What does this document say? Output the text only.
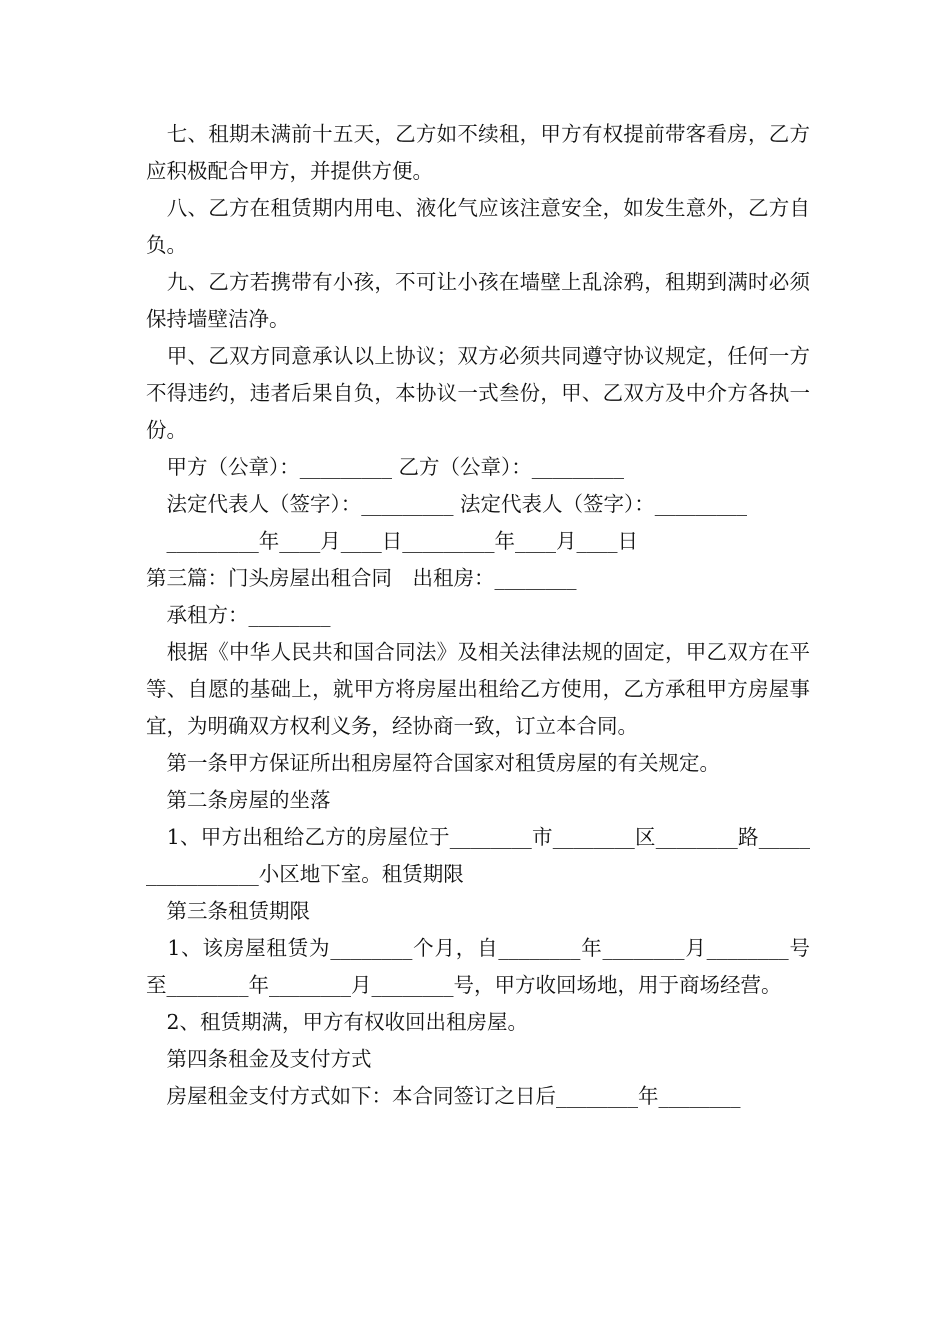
　七、租期未满前十五天，乙方如不续租，甲方有权提前带客看房，乙方应积极配合甲方，并提供方便。

　八、乙方在租赁期内用电、液化气应该注意安全，如发生意外，乙方自负。

　九、乙方若携带有小孩，不可让小孩在墙壁上乱涂鸦，租期到满时必须保持墙壁洁净。

　甲、乙双方同意承认以上协议；双方必须共同遵守协议规定，任何一方不得违约，违者后果自负，本协议一式叁份，甲、乙双方及中介方各执一份。

　甲方（公章）：_________ 乙方（公章）：_________

　法定代表人（签字）：_________ 法定代表人（签字）：_________

　_________年____月____日_________年____月____日

第三篇：门头房屋出租合同　出租房：________

　承租方：________

　根据《中华人民共和国合同法》及相关法律法规的固定，甲乙双方在平等、自愿的基础上，就甲方将房屋出租给乙方使用，乙方承租甲方房屋事宜，为明确双方权利义务，经协商一致，订立本合同。

　第一条甲方保证所出租房屋符合国家对租赁房屋的有关规定。

　第二条房屋的坐落

　1、甲方出租给乙方的房屋位于________市________区________路________________小区地下室。租赁期限

　第三条租赁期限

　1、该房屋租赁为________个月，自________年________月________号至________年________月________号，甲方收回场地，用于商场经营。

　2、租赁期满，甲方有权收回出租房屋。

　第四条租金及支付方式

　房屋租金支付方式如下：本合同签订之日后________年________
